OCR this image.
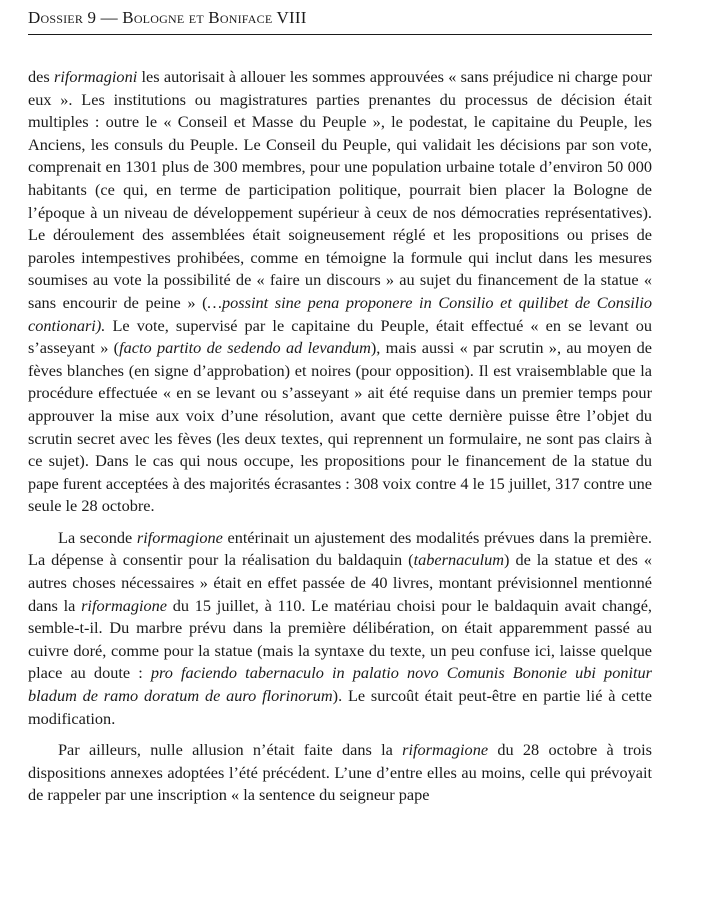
Dossier 9 — Bologne et Boniface VIII

des riformagioni les autorisait à allouer les sommes approuvées « sans préjudice ni charge pour eux ». Les institutions ou magistratures parties prenantes du processus de décision était multiples : outre le « Conseil et Masse du Peuple », le podestat, le capitaine du Peuple, les Anciens, les consuls du Peuple. Le Conseil du Peuple, qui validait les décisions par son vote, comprenait en 1301 plus de 300 membres, pour une population urbaine totale d’environ 50 000 habitants (ce qui, en terme de participation politique, pourrait bien placer la Bologne de l’époque à un niveau de développement supérieur à ceux de nos démocraties représentatives). Le déroulement des assemblées était soigneusement réglé et les propositions ou prises de paroles intempestives prohibées, comme en témoigne la formule qui inclut dans les mesures soumises au vote la possibilité de « faire un discours » au sujet du financement de la statue « sans encourir de peine » (…possint sine pena proponere in Consilio et quilibet de Consilio contionari). Le vote, supervisé par le capitaine du Peuple, était effectué « en se levant ou s’asseyant » (facto partito de sedendo ad levandum), mais aussi « par scrutin », au moyen de fèves blanches (en signe d’approbation) et noires (pour opposition). Il est vraisemblable que la procédure effectuée « en se levant ou s’asseyant » ait été requise dans un premier temps pour approuver la mise aux voix d’une résolution, avant que cette dernière puisse être l’objet du scrutin secret avec les fèves (les deux textes, qui reprennent un formulaire, ne sont pas clairs à ce sujet). Dans le cas qui nous occupe, les propositions pour le financement de la statue du pape furent acceptées à des majorités écrasantes : 308 voix contre 4 le 15 juillet, 317 contre une seule le 28 octobre.

La seconde riformagione entérinait un ajustement des modalités prévues dans la première. La dépense à consentir pour la réalisation du baldaquin (tabernaculum) de la statue et des « autres choses nécessaires » était en effet passée de 40 livres, montant prévisionnel mentionné dans la riformagione du 15 juillet, à 110. Le matériau choisi pour le baldaquin avait changé, semble-t-il. Du marbre prévu dans la première délibération, on était apparemment passé au cuivre doré, comme pour la statue (mais la syntaxe du texte, un peu confuse ici, laisse quelque place au doute : pro faciendo tabernaculo in palatio novo Comunis Bononie ubi ponitur bladum de ramo doratum de auro florinorum). Le surcoût était peut-être en partie lié à cette modification.

Par ailleurs, nulle allusion n’était faite dans la riformagione du 28 octobre à trois dispositions annexes adoptées l’été précédent. L’une d’entre elles au moins, celle qui prévoyait de rappeler par une inscription « la sentence du seigneur pape
